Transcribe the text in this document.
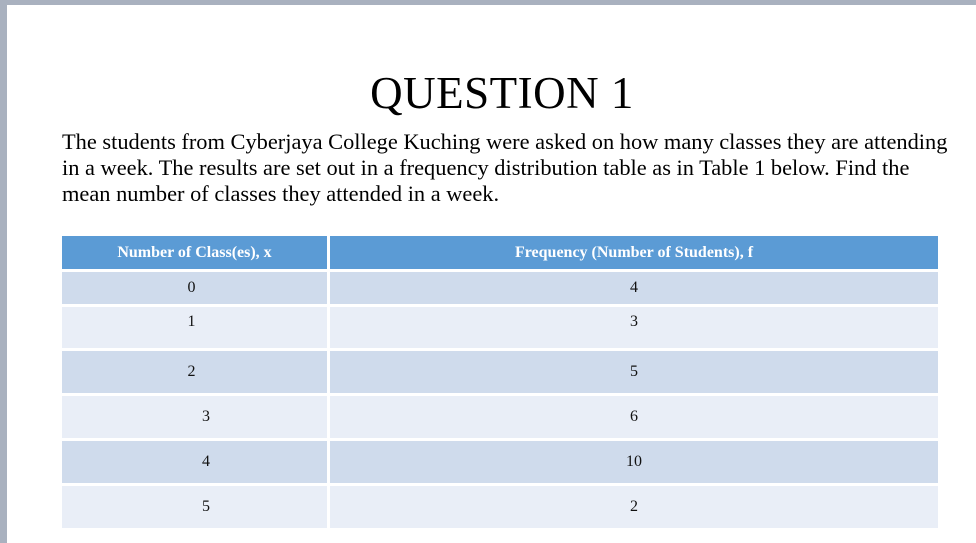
QUESTION 1

The students from Cyberjaya College Kuching were asked on how many classes they are attending in a week. The results are set out in a frequency distribution table as in Table 1 below. Find the mean number of classes they attended in a week.

Number of Class(es), x	Frequency (Number of Students), f

0	4

1	3

2	5

3	6

4	10

5	2
